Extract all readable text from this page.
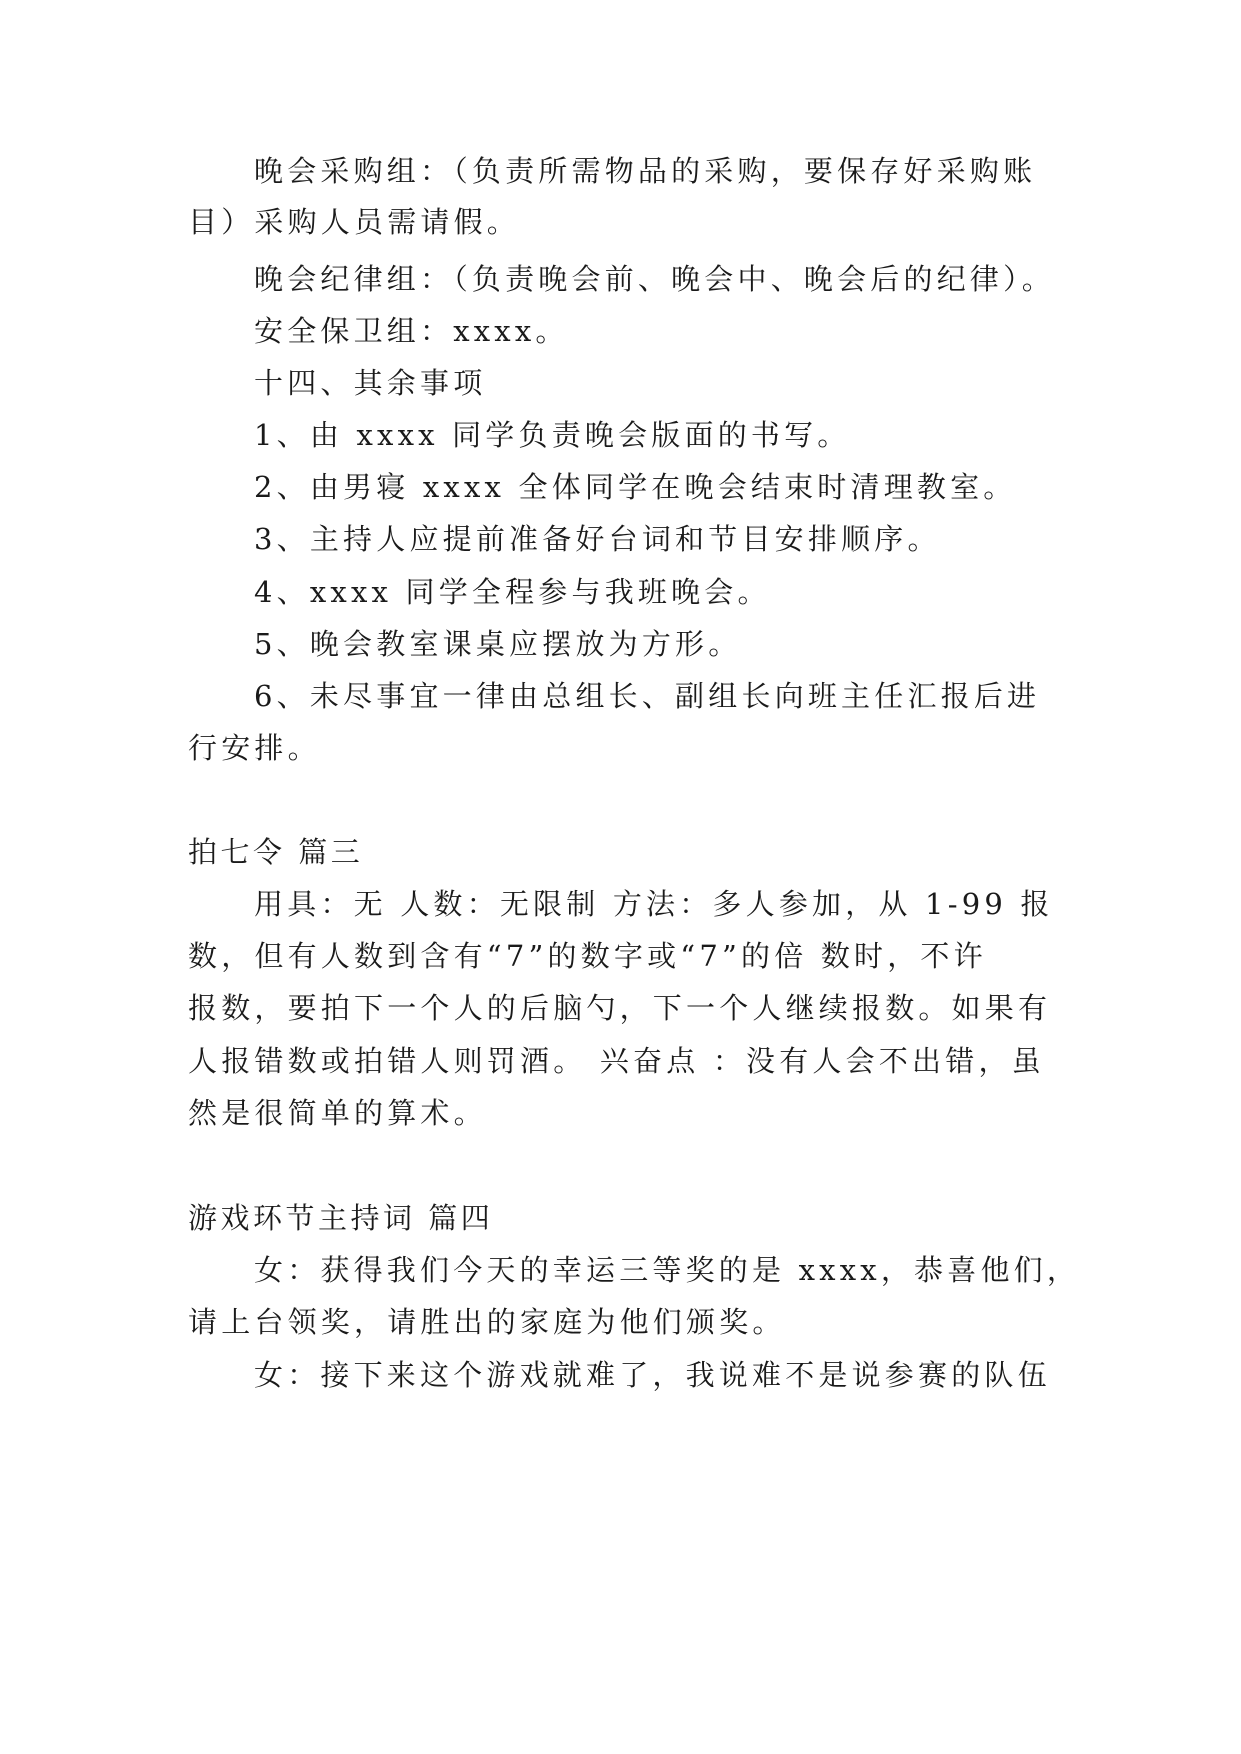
晚会采购组：（负责所需物品的采购，要保存好采购账
目）采购人员需请假。
晚会纪律组：（负责晚会前、晚会中、晚会后的纪律）。
安全保卫组：xxxx。
十四、其余事项
1、由 xxxx 同学负责晚会版面的书写。
2、由男寝 xxxx 全体同学在晚会结束时清理教室。
3、主持人应提前准备好台词和节目安排顺序。
4、xxxx 同学全程参与我班晚会。
5、晚会教室课桌应摆放为方形。
6、未尽事宜一律由总组长、副组长向班主任汇报后进
行安排。
拍七令 篇三
用具：无 人数：无限制 方法：多人参加，从 1-99 报
数，但有人数到含有“7”的数字或“7”的倍 数时，不许
报数，要拍下一个人的后脑勺，下一个人继续报数。如果有
人报错数或拍错人则罚酒。 兴奋点 ：没有人会不出错，虽
然是很简单的算术。
游戏环节主持词 篇四
女：获得我们今天的幸运三等奖的是 xxxx，恭喜他们，
请上台领奖，请胜出的家庭为他们颁奖。
女：接下来这个游戏就难了，我说难不是说参赛的队伍
